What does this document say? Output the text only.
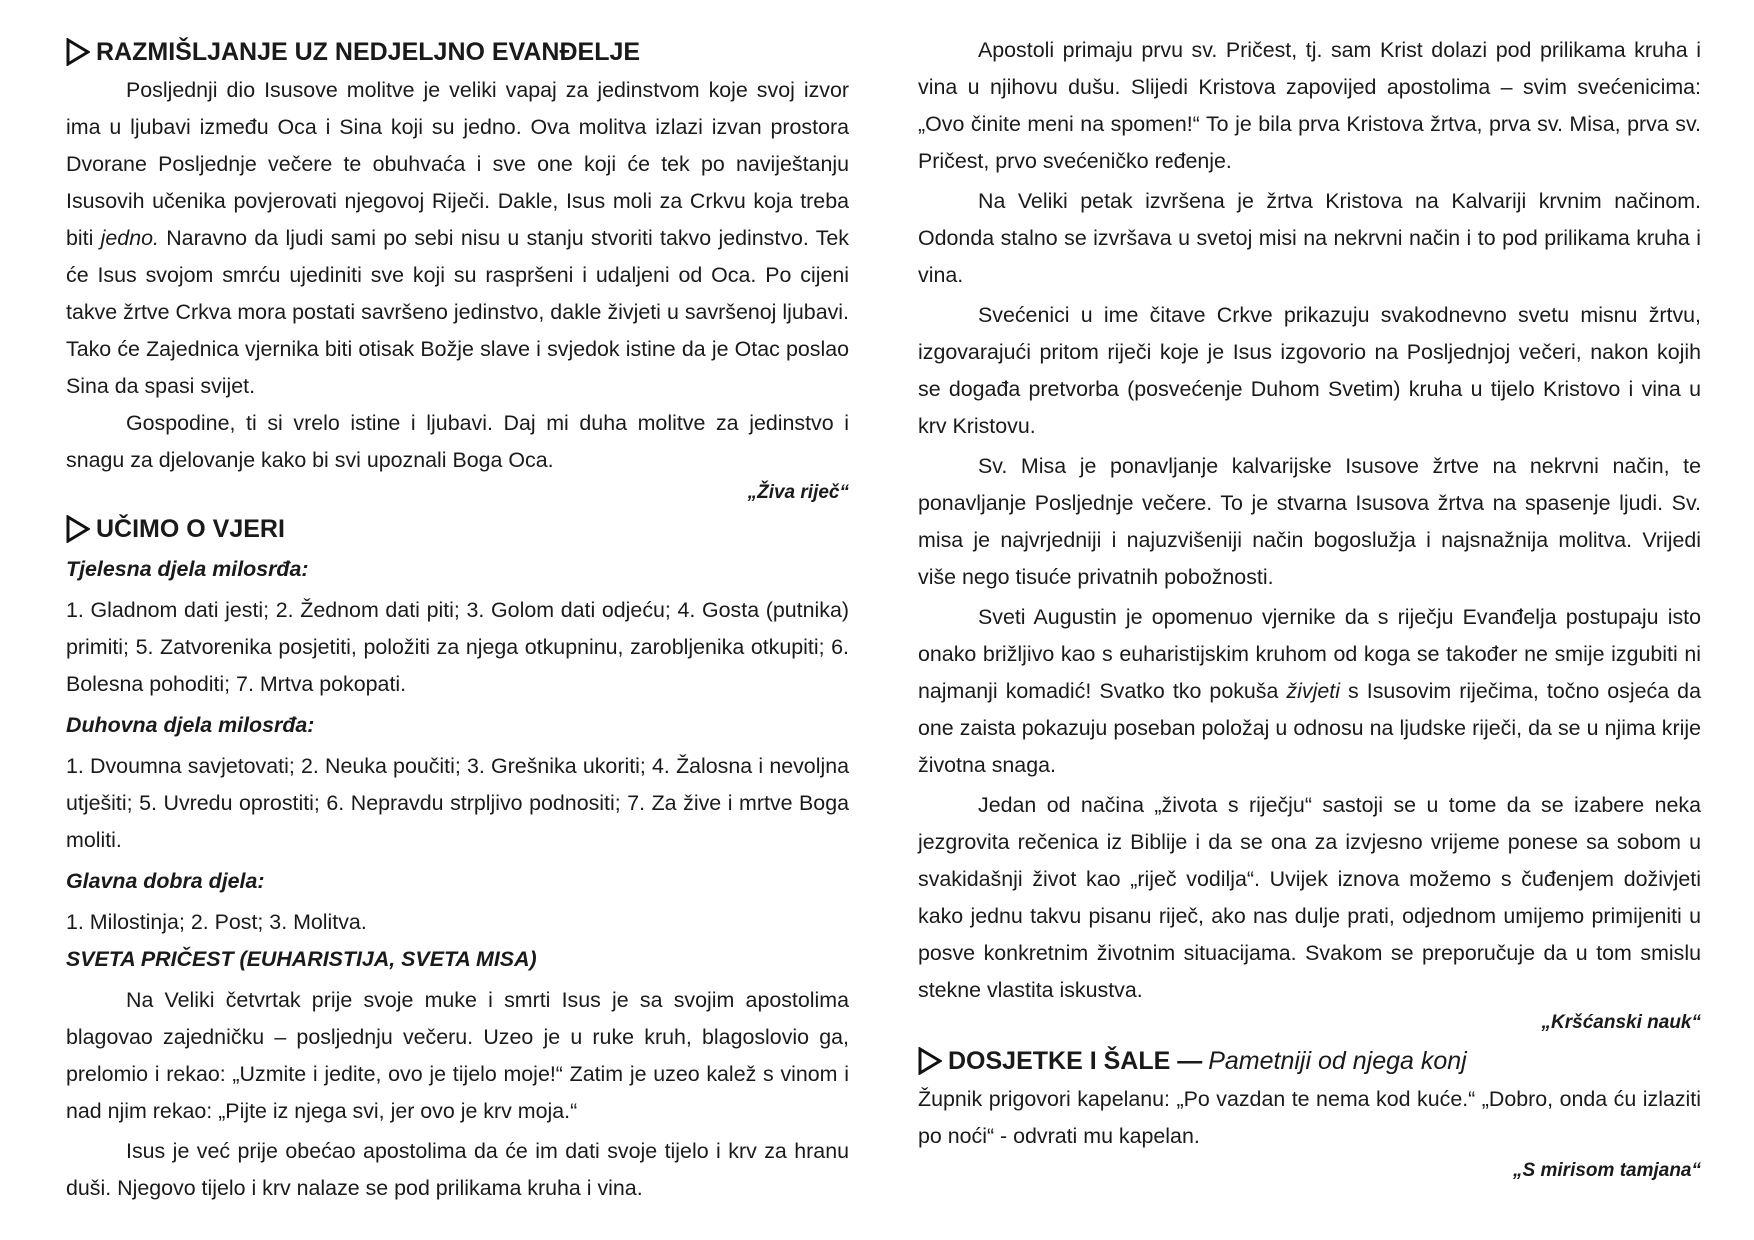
RAZMIŠLJANJE UZ NEDJELJNO EVANĐELJE

Posljednji dio Isusove molitve je veliki vapaj za jedinstvom koje svoj izvor ima u ljubavi između Oca i Sina koji su jedno. Ova molitva izlazi izvan prostora Dvorane Posljednje večere te obuhvaća i sve one koji će tek po naviještanju Isusovih učenika povjerovati njegovoj Riječi. Dakle, Isus moli za Crkvu koja treba biti jedno. Naravno da ljudi sami po sebi nisu u stanju stvoriti takvo jedinstvo. Tek će Isus svojom smrću ujediniti sve koji su raspršeni i udaljeni od Oca. Po cijeni takve žrtve Crkva mora postati savršeno jedinstvo, dakle živjeti u savršenoj ljubavi. Tako će Zajednica vjernika biti otisak Božje slave i svjedok istine da je Otac poslao Sina da spasi svijet.

Gospodine, ti si vrelo istine i ljubavi. Daj mi duha molitve za jedinstvo i snagu za djelovanje kako bi svi upoznali Boga Oca.

„Živa riječ“
UČIMO O VJERI
Tjelesna djela milosrđa:

1. Gladnom dati jesti; 2. Žednom dati piti; 3. Golom dati odjeću; 4. Gosta (putnika) primiti; 5. Zatvorenika posjetiti, položiti za njega otkupninu, zarobljenika otkupiti; 6. Bolesna pohoditi; 7. Mrtva pokopati.

Duhovna djela milosrđa:

1. Dvoumna savjetovati; 2. Neuka poučiti; 3. Grešnika ukoriti; 4. Žalosna i nevoljna utješiti; 5. Uvredu oprostiti; 6. Nepravdu strpljivo podnositi; 7. Za žive i mrtve Boga moliti.

Glavna dobra djela:

1. Milostinja; 2. Post; 3. Molitva.

SVETA PRIČEST (EUHARISTIJA, SVETA MISA)

Na Veliki četvrtak prije svoje muke i smrti Isus je sa svojim apostolima blagovao zajedničku – posljednju večeru. Uzeo je u ruke kruh, blagoslovio ga, prelomio i rekao: „Uzmite i jedite, ovo je tijelo moje!“ Zatim je uzeo kalež s vinom i nad njim rekao: „Pijte iz njega svi, jer ovo je krv moja.“

Isus je već prije obećao apostolima da će im dati svoje tijelo i krv za hranu duši. Njegovo tijelo i krv nalaze se pod prilikama kruha i vina.

Apostoli primaju prvu sv. Pričest, tj. sam Krist dolazi pod prilikama kruha i vina u njihovu dušu. Slijedi Kristova zapovijed apostolima – svim svećenicima: „Ovo činite meni na spomen!“ To je bila prva Kristova žrtva, prva sv. Misa, prva sv. Pričest, prvo svećeničko ređenje.

Na Veliki petak izvršena je žrtva Kristova na Kalvariji krvnim načinom. Odonda stalno se izvršava u svetoj misi na nekrvni način i to pod prilikama kruha i vina.

Svećenici u ime čitave Crkve prikazuju svakodnevno svetu misnu žrtvu, izgovarajući pritom riječi koje je Isus izgovorio na Posljednjoj večeri, nakon kojih se događa pretvorba (posvećenje Duhom Svetim) kruha u tijelo Kristovo i vina u krv Kristovu.

Sv. Misa je ponavljanje kalvarijske Isusove žrtve na nekrvni način, te ponavljanje Posljednje večere. To je stvarna Isusova žrtva na spasenje ljudi. Sv. misa je najvrjedniji i najuzvišeniji način bogoslužja i najsnažnija molitva. Vrijedi više nego tisuće privatnih pobožnosti.

Sveti Augustin je opomenuo vjernike da s riječju Evanđelja postupaju isto onako brižljivo kao s euharistijskim kruhom od koga se također ne smije izgubiti ni najmanji komadić! Svatko tko pokuša živjeti s Isusovim riječima, točno osjeća da one zaista pokazuju poseban položaj u odnosu na ljudske riječi, da se u njima krije životna snaga.

Jedan od načina „života s riječju“ sastoji se u tome da se izabere neka jezgrovita rečenica iz Biblije i da se ona za izvjesno vrijeme ponese sa sobom u svakidašnji život kao „riječ vodilja“. Uvijek iznova možemo s čuđenjem doživjeti kako jednu takvu pisanu riječ, ako nas dulje prati, odjednom umijemo primijeniti u posve konkretnim životnim situacijama. Svakom se preporučuje da u tom smislu stekne vlastita iskustva.

„Kršćanski nauk“
DOSJETKE I ŠALE — Pametniji od njega konj

Župnik prigovori kapelanu: „Po vazdan te nema kod kuće.“ „Dobro, onda ću izlaziti po noći“ - odvrati mu kapelan.

„S mirisom tamjana“
